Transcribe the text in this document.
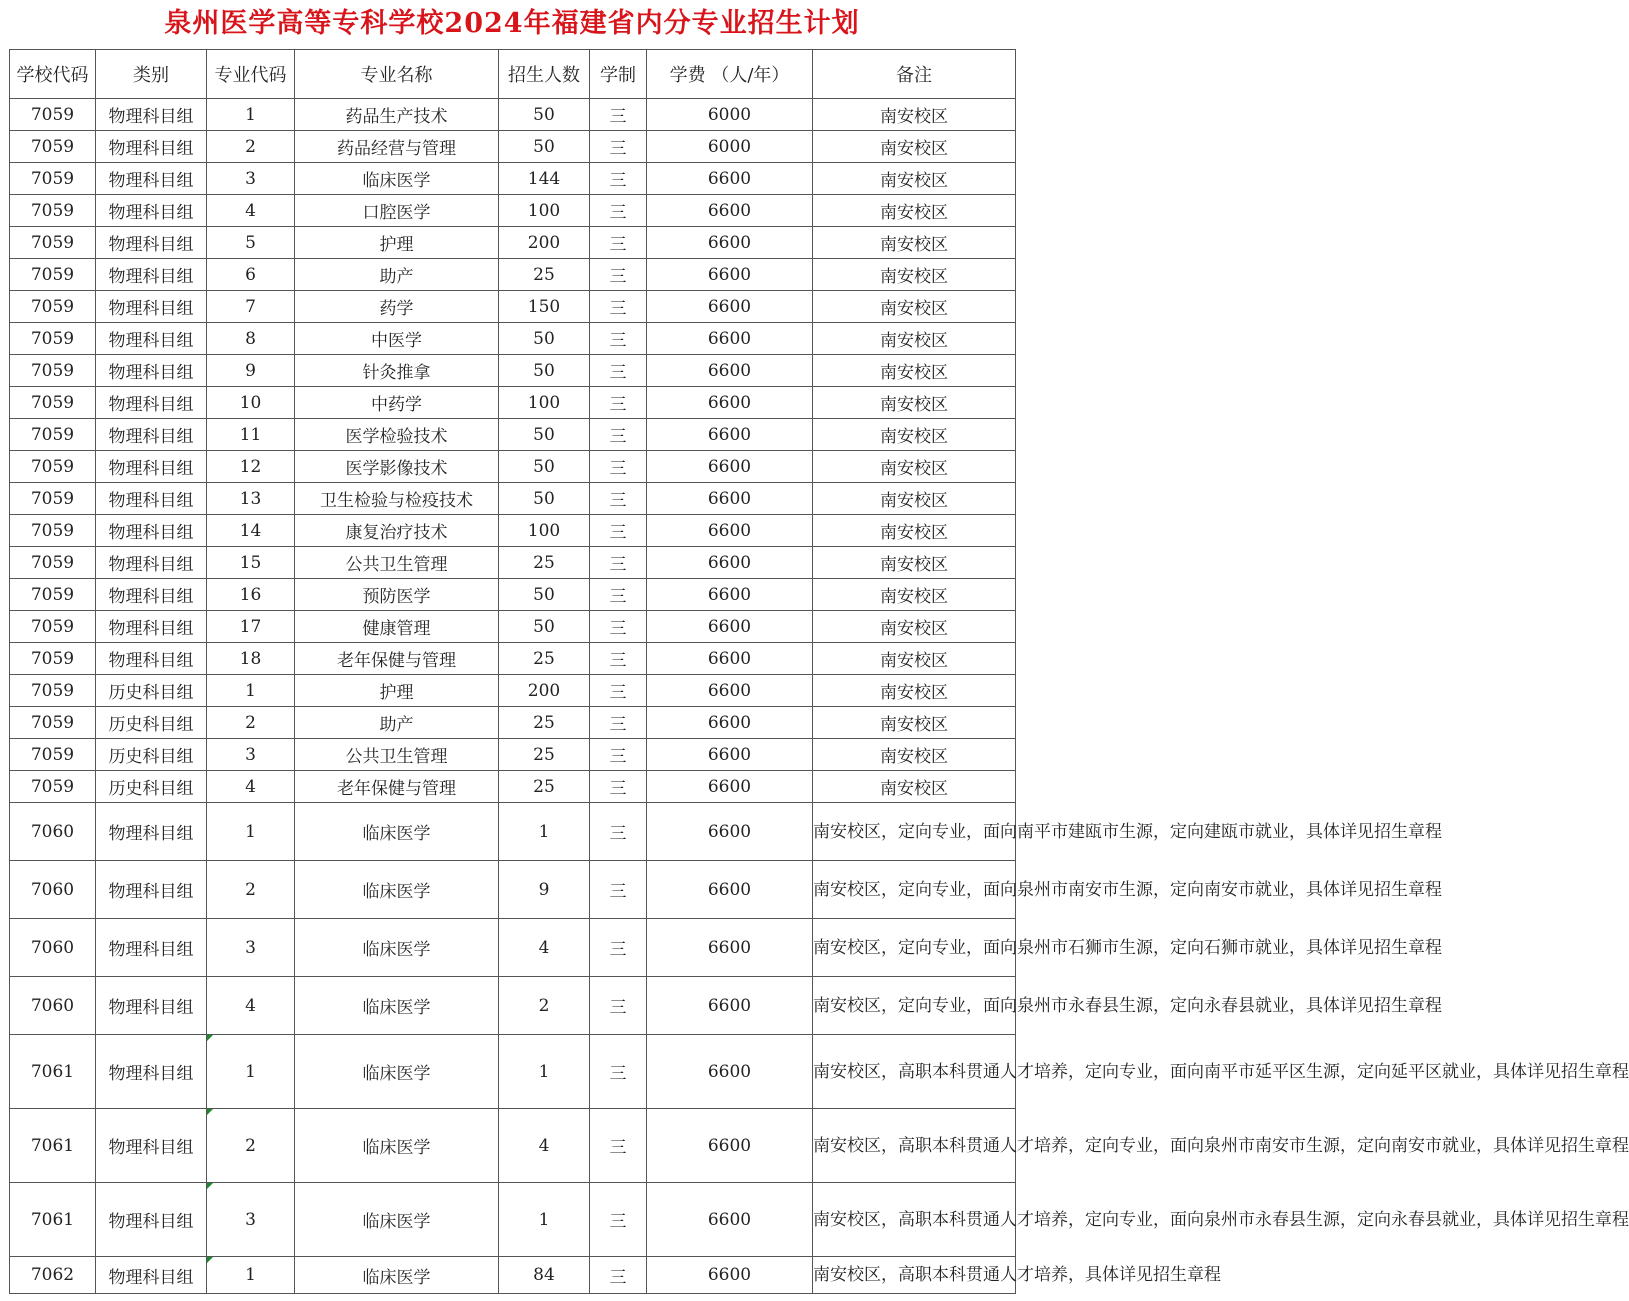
泉州医学高等专科学校2024年福建省内分专业招生计划
学校代码	类别	专业代码	专业名称	招生人数	学制	学费 （人/年）	备注
7059	物理科目组	1	药品生产技术	50	三	6000	南安校区
7059	物理科目组	2	药品经营与管理	50	三	6000	南安校区
7059	物理科目组	3	临床医学	144	三	6600	南安校区
7059	物理科目组	4	口腔医学	100	三	6600	南安校区
7059	物理科目组	5	护理	200	三	6600	南安校区
7059	物理科目组	6	助产	25	三	6600	南安校区
7059	物理科目组	7	药学	150	三	6600	南安校区
7059	物理科目组	8	中医学	50	三	6600	南安校区
7059	物理科目组	9	针灸推拿	50	三	6600	南安校区
7059	物理科目组	10	中药学	100	三	6600	南安校区
7059	物理科目组	11	医学检验技术	50	三	6600	南安校区
7059	物理科目组	12	医学影像技术	50	三	6600	南安校区
7059	物理科目组	13	卫生检验与检疫技术	50	三	6600	南安校区
7059	物理科目组	14	康复治疗技术	100	三	6600	南安校区
7059	物理科目组	15	公共卫生管理	25	三	6600	南安校区
7059	物理科目组	16	预防医学	50	三	6600	南安校区
7059	物理科目组	17	健康管理	50	三	6600	南安校区
7059	物理科目组	18	老年保健与管理	25	三	6600	南安校区
7059	历史科目组	1	护理	200	三	6600	南安校区
7059	历史科目组	2	助产	25	三	6600	南安校区
7059	历史科目组	3	公共卫生管理	25	三	6600	南安校区
7059	历史科目组	4	老年保健与管理	25	三	6600	南安校区
7060	物理科目组	1	临床医学	1	三	6600	南安校区，定向专业，面向南平市建瓯市生源，定向建瓯市就业，具体详见招生章程
7060	物理科目组	2	临床医学	9	三	6600	南安校区，定向专业，面向泉州市南安市生源，定向南安市就业，具体详见招生章程
7060	物理科目组	3	临床医学	4	三	6600	南安校区，定向专业，面向泉州市石狮市生源，定向石狮市就业，具体详见招生章程
7060	物理科目组	4	临床医学	2	三	6600	南安校区，定向专业，面向泉州市永春县生源，定向永春县就业，具体详见招生章程
7061	物理科目组	1	临床医学	1	三	6600	南安校区，高职本科贯通人才培养，定向专业，面向南平市延平区生源，定向延平区就业，具体详见招生章程
7061	物理科目组	2	临床医学	4	三	6600	南安校区，高职本科贯通人才培养，定向专业，面向泉州市南安市生源，定向南安市就业，具体详见招生章程
7061	物理科目组	3	临床医学	1	三	6600	南安校区，高职本科贯通人才培养，定向专业，面向泉州市永春县生源，定向永春县就业，具体详见招生章程
7062	物理科目组	1	临床医学	84	三	6600	南安校区，高职本科贯通人才培养，具体详见招生章程
